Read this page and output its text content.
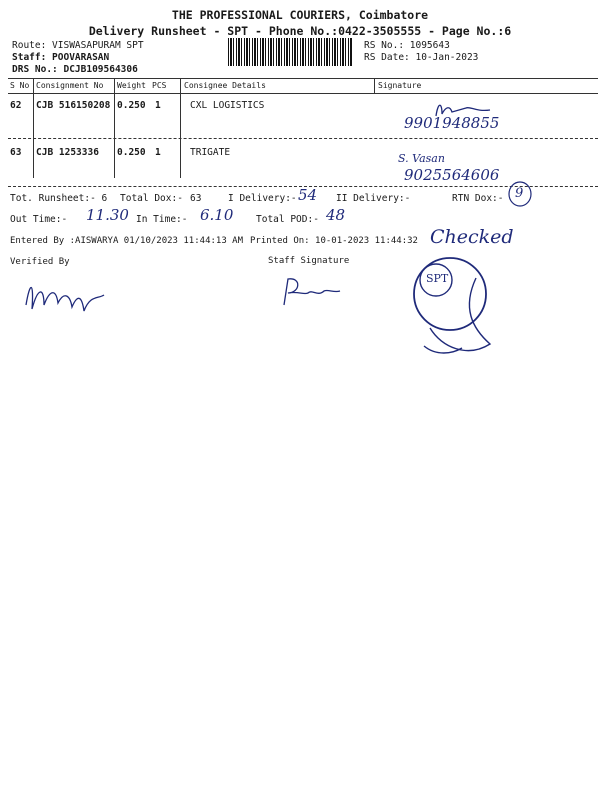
THE PROFESSIONAL COURIERS, Coimbatore
Delivery Runsheet - SPT - Phone No.:0422-3505555 - Page No.:6
Route: VISWASAPURAM SPT
Staff: POOVARASAN
DRS No.: DCJB109564306
RS No.: 1095643
RS Date: 10-Jan-2023
S No Consignment No Weight PCS Consignee Details	Signature
62 CJB 516150208 0.250 1	CXL LOGISTICS
9901948855
63 CJB 1253336 0.250 1	TRIGATE	S. Vasan
9025564606
Tot. Runsheet:- 6 Total Dox:- 63	I Delivery:- 54 II Delivery:-	RTN Dox:- 9
Out Time:- 11.30 In Time:- 6.10 Total POD:- 48
Entered By :AISWARYA 01/10/2023 11:44:13 AM Printed On: 10-01-2023 11:44:32 Checked
Verified By	Staff Signature
SPT
